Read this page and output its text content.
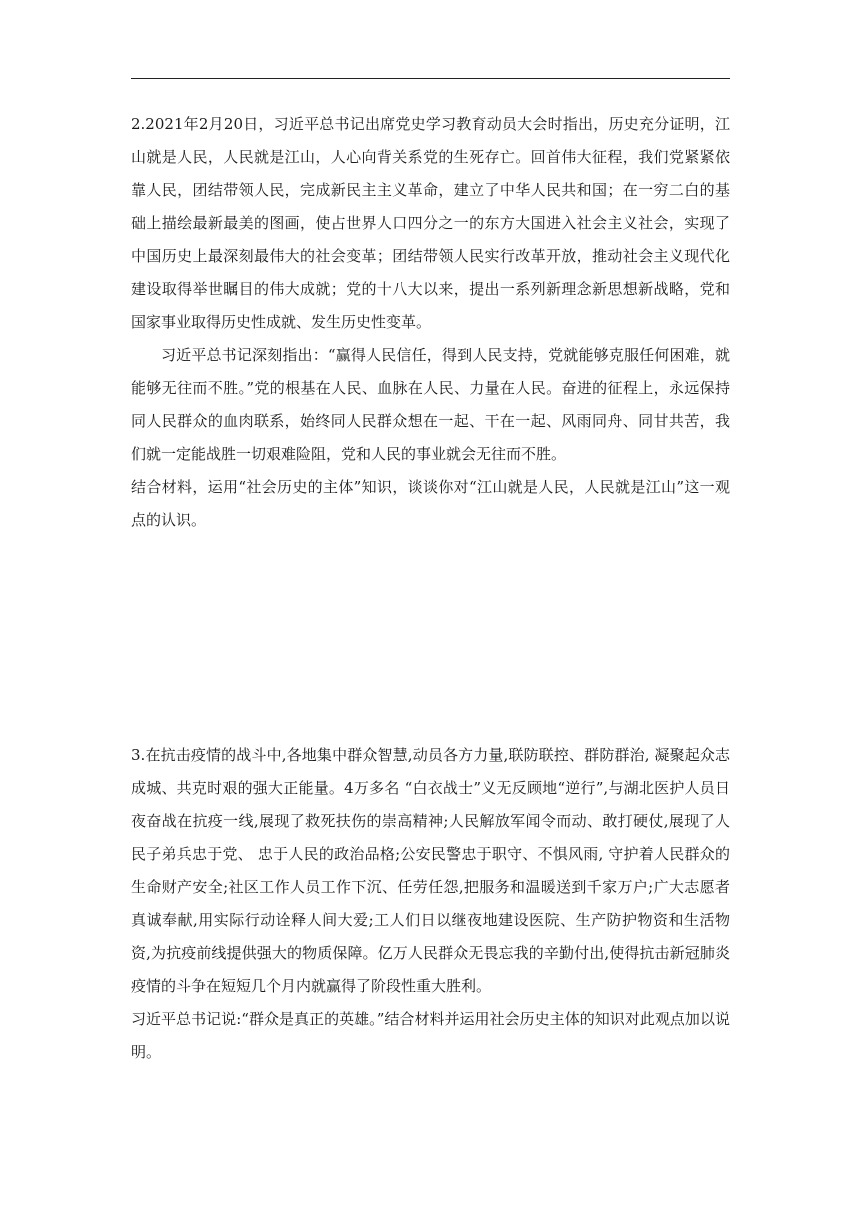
2.2021年2月20日，习近平总书记出席党史学习教育动员大会时指出，历史充分证明，江山就是人民，人民就是江山，人心向背关系党的生死存亡。回首伟大征程，我们党紧紧依靠人民，团结带领人民，完成新民主主义革命，建立了中华人民共和国；在一穷二白的基础上描绘最新最美的图画，使占世界人口四分之一的东方大国进入社会主义社会，实现了中国历史上最深刻最伟大的社会变革；团结带领人民实行改革开放，推动社会主义现代化建设取得举世瞩目的伟大成就；党的十八大以来，提出一系列新理念新思想新战略，党和国家事业取得历史性成就、发生历史性变革。

习近平总书记深刻指出：“赢得人民信任，得到人民支持，党就能够克服任何困难，就能够无往而不胜。”党的根基在人民、血脉在人民、力量在人民。奋进的征程上，永远保持同人民群众的血肉联系，始终同人民群众想在一起、干在一起、风雨同舟、同甘共苦，我们就一定能战胜一切艰难险阻，党和人民的事业就会无往而不胜。

结合材料，运用“社会历史的主体”知识，谈谈你对“江山就是人民，人民就是江山”这一观点的认识。

3.在抗击疫情的战斗中,各地集中群众智慧,动员各方力量,联防联控、群防群治, 凝聚起众志成城、共克时艰的强大正能量。4万多名 “白衣战士”义无反顾地“逆行”,与湖北医护人员日夜奋战在抗疫一线,展现了救死扶伤的崇高精神;人民解放军闻令而动、敢打硬仗,展现了人民子弟兵忠于党、 忠于人民的政治品格;公安民警忠于职守、不惧风雨, 守护着人民群众的生命财产安全;社区工作人员工作下沉、任劳任怨,把服务和温暖送到千家万户;广大志愿者真诚奉献,用实际行动诠释人间大爱;工人们日以继夜地建设医院、生产防护物资和生活物资,为抗疫前线提供强大的物质保障。亿万人民群众无畏忘我的辛勤付出,使得抗击新冠肺炎疫情的斗争在短短几个月内就赢得了阶段性重大胜利。

习近平总书记说:“群众是真正的英雄。”结合材料并运用社会历史主体的知识对此观点加以说明。
